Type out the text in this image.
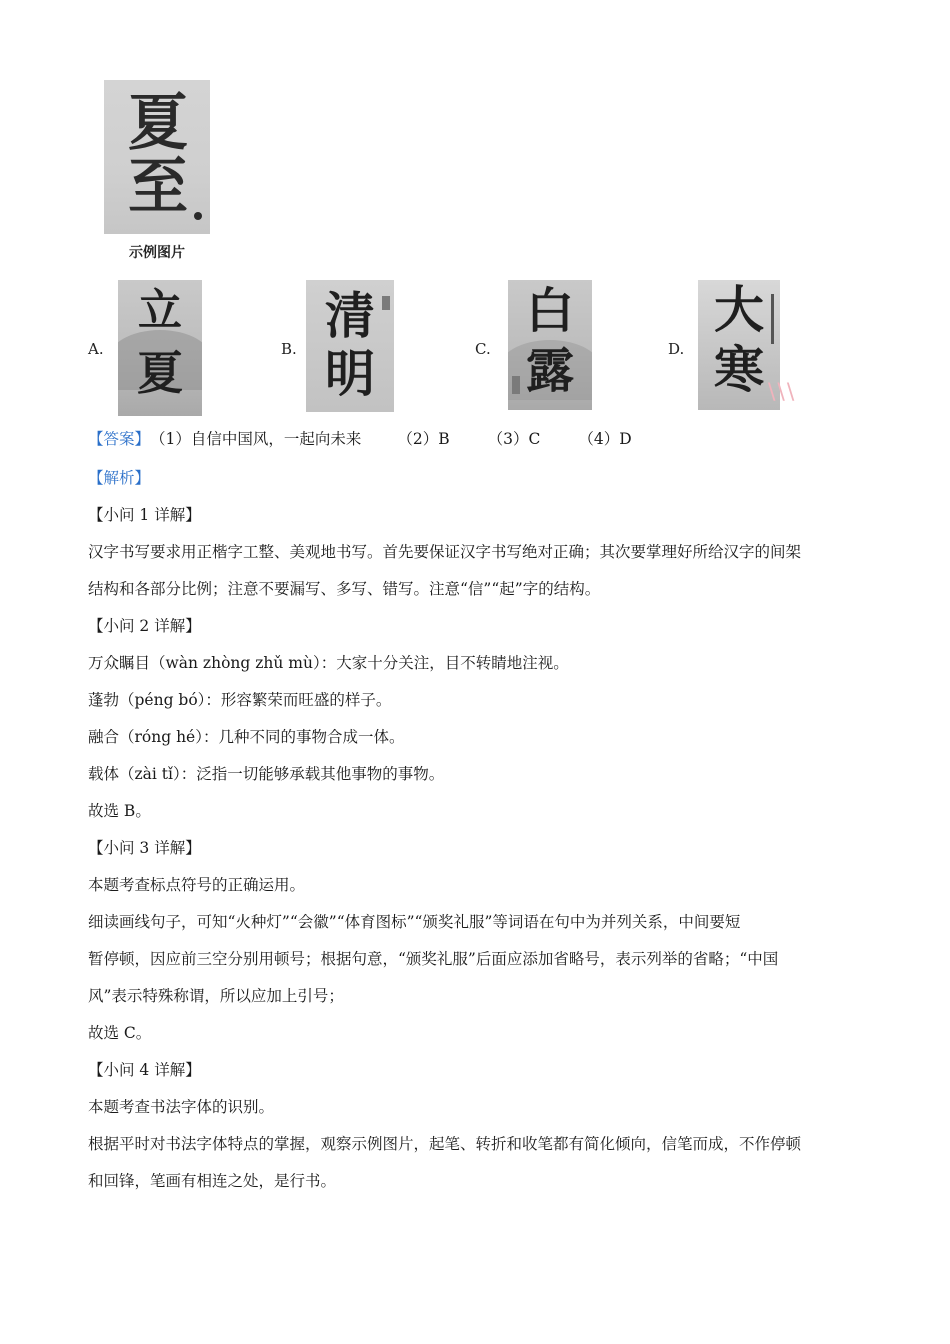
夏
至
示例图片
A.
立
夏	B.
清
明	C.
白
露	D.
大
寒 \\\
【答案】（1）自信中国风，一起向未来 （2）B （3）C （4）D

【解析】

【小问 1 详解】

汉字书写要求用正楷字工整、美观地书写。首先要保证汉字书写绝对正确；其次要掌理好所给汉字的间架

结构和各部分比例；注意不要漏写、多写、错写。注意“信”“起”字的结构。

【小问 2 详解】

万众瞩目（wàn zhòng zhǔ mù）：大家十分关注，目不转睛地注视。

蓬勃（péng bó）：形容繁荣而旺盛的样子。

融合（róng hé）：几种不同的事物合成一体。

载体（zài tǐ）：泛指一切能够承载其他事物的事物。

故选 B。

【小问 3 详解】

本题考查标点符号的正确运用。

细读画线句子，可知“火种灯”“会徽”“体育图标”“颁奖礼服”等词语在句中为并列关系，中间要短

暂停顿，因应前三空分别用顿号；根据句意，“颁奖礼服”后面应添加省略号，表示列举的省略；“中国

风”表示特殊称谓，所以应加上引号；

故选 C。

【小问 4 详解】

本题考查书法字体的识别。

根据平时对书法字体特点的掌握，观察示例图片，起笔、转折和收笔都有简化倾向，信笔而成，不作停顿

和回锋，笔画有相连之处，是行书。
